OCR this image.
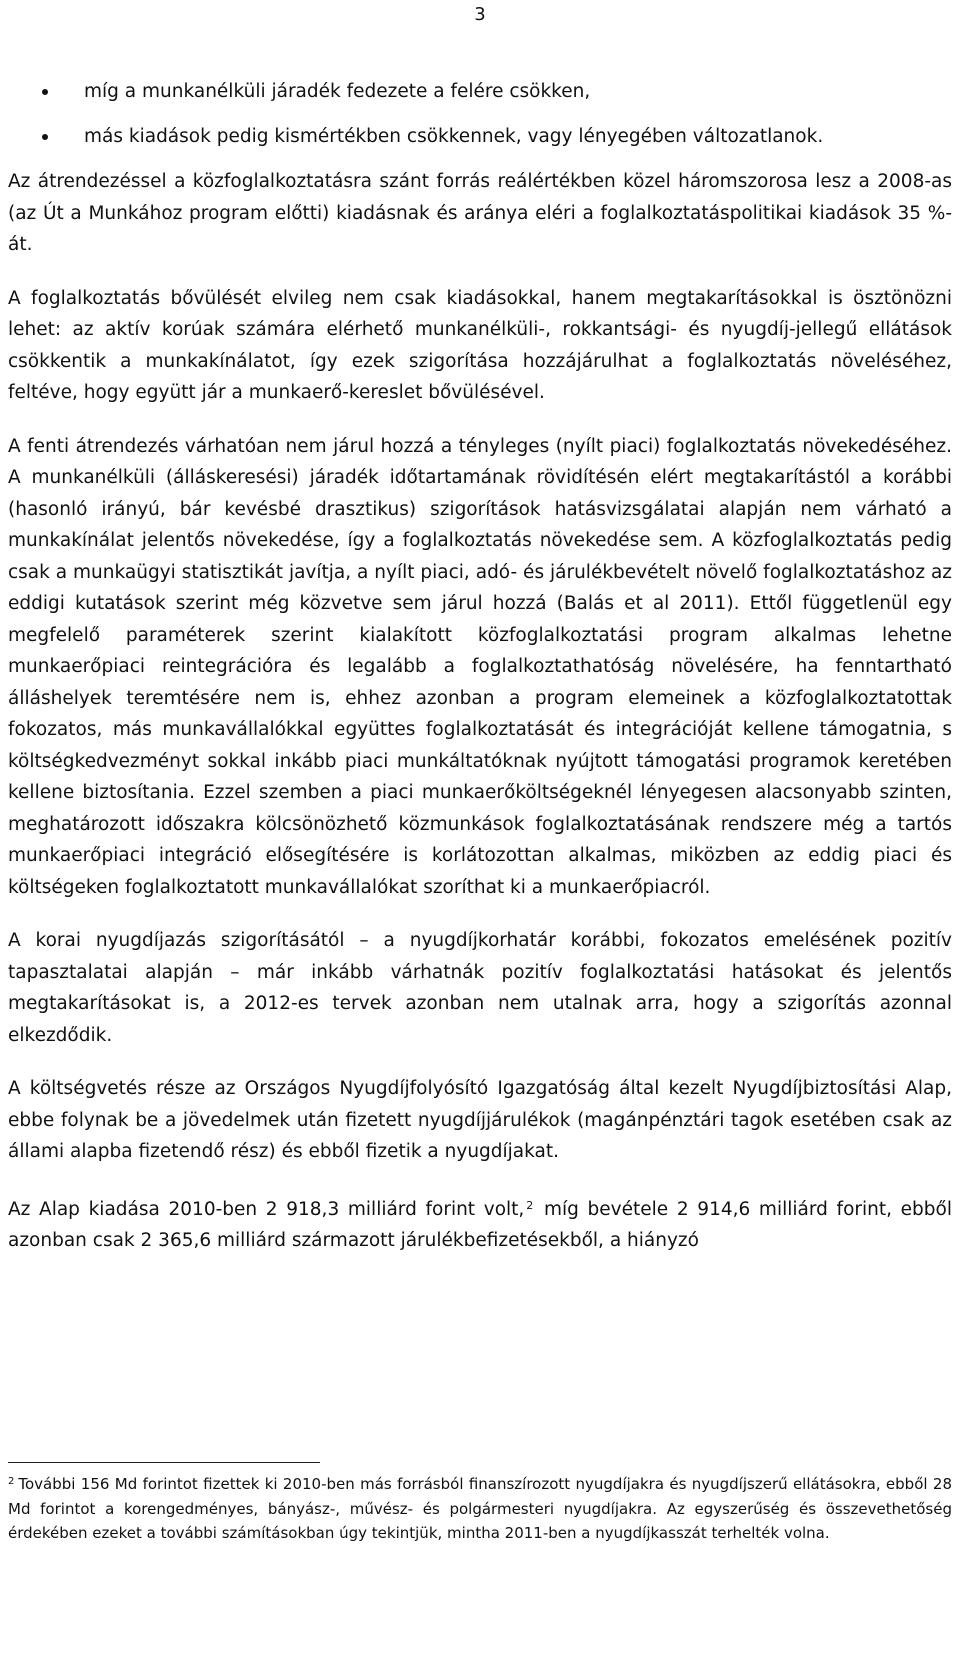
3
míg a munkanélküli járadék fedezete a felére csökken,
más kiadások pedig kismértékben csökkennek, vagy lényegében változatlanok.

Az átrendezéssel a közfoglalkoztatásra szánt forrás reálértékben közel háromszorosa lesz a 2008-as (az Út a Munkához program előtti) kiadásnak és aránya eléri a foglalkoztatáspolitikai kiadások 35 %-át.

A foglalkoztatás bővülését elvileg nem csak kiadásokkal, hanem megtakarításokkal is ösztönözni lehet: az aktív korúak számára elérhető munkanélküli-, rokkantsági- és nyugdíj-jellegű ellátások csökkentik a munkakínálatot, így ezek szigorítása hozzájárulhat a foglalkoztatás növeléséhez, feltéve, hogy együtt jár a munkaerő-kereslet bővülésével.

A fenti átrendezés várhatóan nem járul hozzá a tényleges (nyílt piaci) foglalkoztatás növekedéséhez. A munkanélküli (álláskeresési) járadék időtartamának rövidítésén elért megtakarítástól a korábbi (hasonló irányú, bár kevésbé drasztikus) szigorítások hatásvizsgálatai alapján nem várható a munkakínálat jelentős növekedése, így a foglalkoztatás növekedése sem. A közfoglalkoztatás pedig csak a munkaügyi statisztikát javítja, a nyílt piaci, adó- és járulékbevételt növelő foglalkoztatáshoz az eddigi kutatások szerint még közvetve sem járul hozzá (Balás et al 2011). Ettől függetlenül egy megfelelő paraméterek szerint kialakított közfoglalkoztatási program alkalmas lehetne munkaerőpiaci reintegrációra és legalább a foglalkoztathatóság növelésére, ha fenntartható álláshelyek teremtésére nem is, ehhez azonban a program elemeinek a közfoglalkoztatottak fokozatos, más munkavállalókkal együttes foglalkoztatását és integrációját kellene támogatnia, s költségkedvezményt sokkal inkább piaci munkáltatóknak nyújtott támogatási programok keretében kellene biztosítania. Ezzel szemben a piaci munkaerőköltségeknél lényegesen alacsonyabb szinten, meghatározott időszakra kölcsönözhető közmunkások foglalkoztatásának rendszere még a tartós munkaerőpiaci integráció elősegítésére is korlátozottan alkalmas, miközben az eddig piaci és költségeken foglalkoztatott munkavállalókat szoríthat ki a munkaerőpiacról.

A korai nyugdíjazás szigorításától – a nyugdíjkorhatár korábbi, fokozatos emelésének pozitív tapasztalatai alapján – már inkább várhatnák pozitív foglalkoztatási hatásokat és jelentős megtakarításokat is, a 2012-es tervek azonban nem utalnak arra, hogy a szigorítás azonnal elkezdődik.

A költségvetés része az Országos Nyugdíjfolyósító Igazgatóság által kezelt Nyugdíjbiztosítási Alap, ebbe folynak be a jövedelmek után fizetett nyugdíjjárulékok (magánpénztári tagok esetében csak az állami alapba fizetendő rész) és ebből fizetik a nyugdíjakat.

Az Alap kiadása 2010-ben 2 918,3 milliárd forint volt, $^2$ míg bevétele 2 914,6 milliárd forint, ebből azonban csak 2 365,6 milliárd származott járulékbefizetésekből, a hiányzó

$^2$ További 156 Md forintot fizettek ki 2010-ben más forrásból finanszírozott nyugdíjakra és nyugdíjszerű ellátásokra, ebből 28 Md forintot a korengedményes, bányász-, művész- és polgármesteri nyugdíjakra. Az egyszerűség és összevethetőség érdekében ezeket a további számításokban úgy tekintjük, mintha 2011-ben a nyugdíjkasszát terhelték volna.
